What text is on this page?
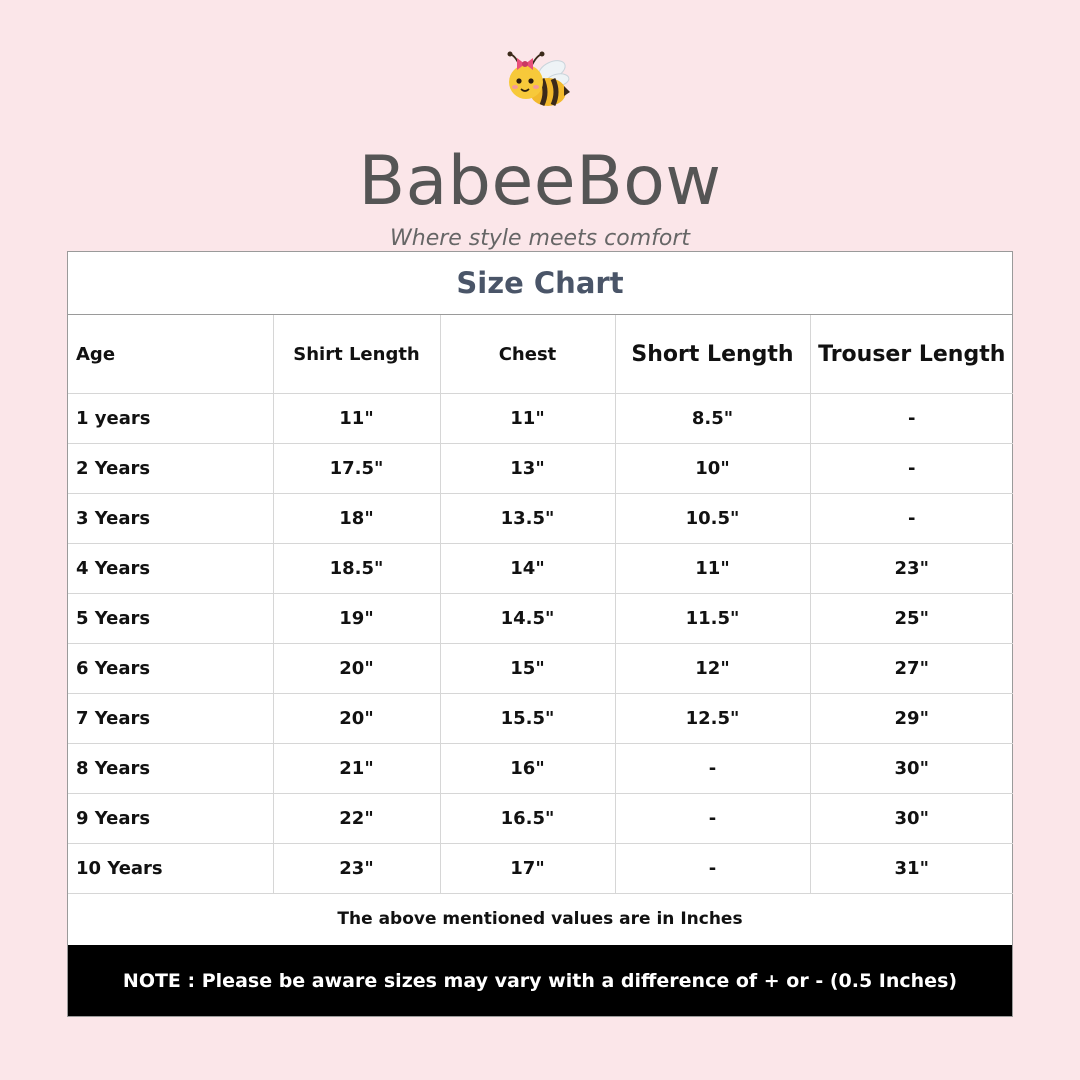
BabeeBow
Where style meets comfort
Size Chart
Age	Shirt Length	Chest	Short Length	Trouser Length
1 years	11"	11"	8.5"	-
2 Years	17.5"	13"	10"	-
3 Years	18"	13.5"	10.5"	-
4 Years	18.5"	14"	11"	23"
5 Years	19"	14.5"	11.5"	25"
6 Years	20"	15"	12"	27"
7 Years	20"	15.5"	12.5"	29"
8 Years	21"	16"	-	30"
9 Years	22"	16.5"	-	30"
10 Years	23"	17"	-	31"
The above mentioned values are in Inches
NOTE : Please be aware sizes may vary with a difference of + or - (0.5 Inches)
